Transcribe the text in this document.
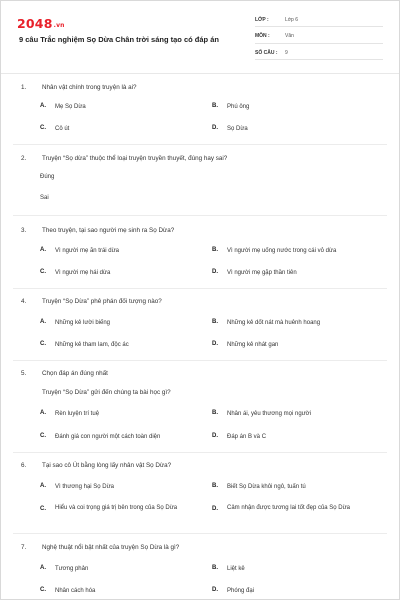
2048.vn
9 câu Trắc nghiệm Sọ Dừa Chân trời sáng tạo có đáp án
LỚP :	Lớp 6
MÔN :	Văn
SỐ CÂU :	9
1.	Nhân vật chính trong truyện là ai?
A.	Mẹ Sọ Dừa	B.	Phú ông
C.	Cô út	D.	Sọ Dừa
2.	Truyện “Sọ dừa” thuộc thể loại truyện truyền thuyết, đúng hay sai?
Đúng
Sai
3.	Theo truyện, tại sao người mẹ sinh ra Sọ Dừa?
A.	Vì người mẹ ăn trái dừa	B.	Vì người mẹ uống nước trong cái vỏ dừa
C.	Vì người mẹ hái dừa	D.	Vì người mẹ gặp thần tiên
4.	Truyện “Sọ Dừa” phê phán đối tượng nào?
A.	Những kẻ lười biếng	B.	Những kẻ dốt nát mà huênh hoang
C.	Những kẻ tham lam, độc ác	D.	Những kẻ nhát gan
5.	Chọn đáp án đúng nhất
Truyện “Sọ Dừa” gửi đến chúng ta bài học gì?
A.	Rèn luyện trí tuệ	B.	Nhân ái, yêu thương mọi người
C.	Đánh giá con người một cách toàn diện	D.	Đáp án B và C
6.	Tại sao cô Út bằng lòng lấy nhân vật Sọ Dừa?
A.	Vì thương hại Sọ Dừa	B.	Biết Sọ Dừa khôi ngô, tuấn tú
C.	Hiểu và coi trọng giá trị bên trong của Sọ Dừa	D.	Cảm nhận được tương lai tốt đẹp của Sọ Dừa
7.	Nghệ thuật nổi bật nhất của truyện Sọ Dừa là gì?
A.	Tương phản	B.	Liệt kê
C.	Nhân cách hóa	D.	Phóng đại
